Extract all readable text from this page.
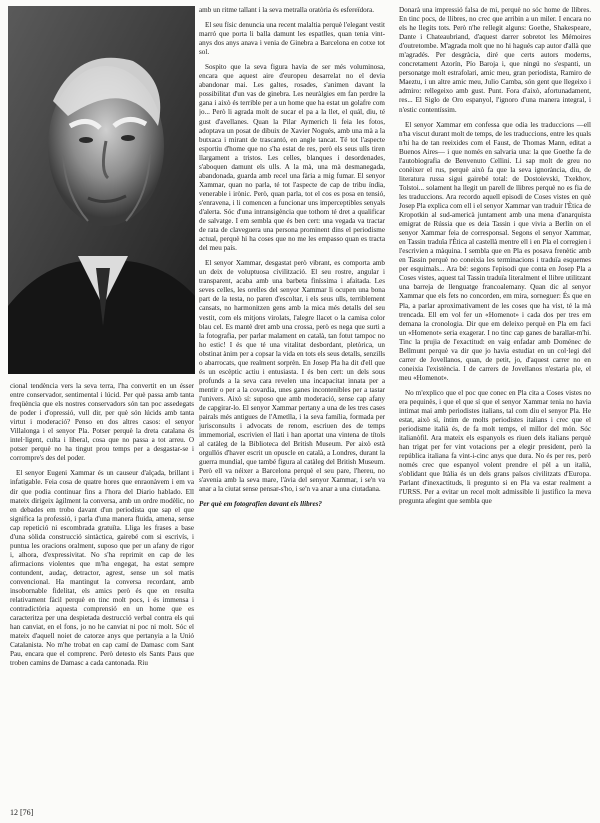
cional tendència vers la seva terra, l'ha convertit en un ésser entre conservador, sentimental i lúcid. Per què passa amb tanta freqüència que els nostres conservadors són tan poc assedegats de poder i d'opressió, vull dir, per què són lúcids amb tanta virtut i moderació? Penso en dos altres casos: el senyor Villalonga i el senyor Pla. Potser perquè la dreta catalana és intel·ligent, culta i liberal, cosa que no passa a tot arreu. O potser perquè no ha tingut prou temps per a desgastar-se i corrompre's des del poder.

El senyor Eugeni Xammar és un causeur d'alçada, brillant i infatigable. Feia cosa de quatre hores que enraonàvem i em va dir que podia continuar fins a l'hora del Diario hablado. Ell mateix dirigeix àgilment la conversa, amb un ordre modèlic, no en debades em trobo davant d'un periodista que sap el que significa la professió, i parla d'una manera fluida, amena, sense cap repetició ni escombrada gratuïta. Lliga les frases a base d'una sòlida construcció sintàctica, gairebé com si escrivís, i puntua les oracions oralment, suposo que per un afany de rigor i, alhora, d'expressivitat. No s'ha reprimit en cap de les afirmacions violentes que m'ha engegat, ha estat sempre contundent, audaç, detractor, agrest, sense un sol matís convencional. Ha mantingut la conversa recordant, amb insobornable fidelitat, els amics però és que en resulta relativament fàcil perquè en tinc molt pocs, i és immensa i contradictòria aquesta comprensió en un home que es caracteritza per una despietada destrucció verbal contra els qui han canviat, en el fons, jo no he canviat ni poc ni molt. Sóc el mateix d'aquell noiet de catorze anys que pertanyia a la Unió Catalanista. No m'he trobat en cap camí de Damasc com Sant Pau, encara que el comprenc. Però detesto els Sants Paus que troben camins de Damasc a cada cantonada. Riu

amb un ritme tallant i la seva metralla oratòria és esfereïdora.

El seu físic denuncia una recent malaltia perquè l'elegant vestit marró que porta li balla damunt les espatlles, quan tenia vint-anys dos anys anava i venia de Ginebra a Barcelona en cotxe tot sol.

Sospito que la seva figura havia de ser més voluminosa, encara que aquest aire d'europeu desarrelat no el devia abandonar mai. Les galtes, rosades, s'animen davant la possibilitat d'un vas de ginebra. Les neuràlgies em fan perdre la gana i això és terrible per a un home que ha estat un golafre com jo... Però li agrada molt de sucar el pa a la llet, el quál, diu, té gust d'avellanes. Quan la Pilar Aymerich li feia les fotos, adoptava un posat de dibuix de Xavier Nogués, amb una mà a la butxaca i mirant de trascantó, en angle tancat. Té tot l'aspecte esportiu d'home que no s'ha estat de res, però els seus ulls tiren llargament a tristos. Les celles, blanques i desordenades, s'aboquen damunt els ulls. A la mà, una mà desmanegada, abandonada, guarda amb recel una fària a mig fumar. El senyor Xammar, quan no parla, té tot l'aspecte de cap de tribu índia, venerable i irònic. Però, quan parla, tot el cos es posa en tensió, s'enravena, i li comencen a funcionar uns imperceptibles senyals d'alerta. Sóc d'una intransigència que tothom té dret a qualificar de salvatge. I em sembla que és ben cert: una vegada va tractar de rata de claveguera una persona prominent dins el periodisme actual, perquè hi ha coses que no me les empasso quan es tracta del meu país.

El senyor Xammar, desgastat però vibrant, es comporta amb un deix de voluptuosa civilització. El seu rostre, angular i transparent, acaba amb una barbeta finíssima i afaitada. Les seves celles, les orelles del senyor Xammar li ocupen una bona part de la testa, no paren d'escoltar, i els seus ulls, terriblement cansats, no harmonitzen gens amb la mica més detalls del seu vestit, com els mitjons virolats, l'alegre llacet o la camisa color blau cel. Es mantè dret amb una crossa, però es nega que surti a la fotografia, per parlar malament en català, tan fotut tampoc no ho estic! I és que té una vitalitat desbordant, pletòrica, un obstinat ànim per a copsar la vida en tots els seus detalls, senzills o abarrocats, que realment sorprèn. En Josep Pla ha dit d'ell que és un escèptic actiu i entusiasta. I és ben cert: un dels sous profunds a la seva cara revelen una incapacitat innata per a mentir o per a la covardia, unes ganes incontenibles per a tastar l'univers. Això sí: suposo que amb moderació, sense cap afany de capgirar-lo. El senyor Xammar pertany a una de les tres cases pairals més antigues de l'Ametlla, i la seva família, formada per jurisconsults i advocats de renom, escriuen des de temps immemorial, escrivien el llati i han aportat una vintena de títols al catàleg de la Biblioteca del British Museum. Per això està orgullós d'haver escrit un opuscle en català, a Londres, durant la guerra mundial, que també figura al catàleg del British Museum. Però ell va néixer a Barcelona perquè el seu pare, l'hereu, no s'avenia amb la seva mare, l'àvia del senyor Xammar, i se'n va anar a la ciutat sense pensar-s'ho, i se'n va anar a una ciutadana.

Per què em fotografien davant els llibres?

Donarà una impressió falsa de mi, perquè no sóc home de llibres. En tinc pocs, de llibres, no crec que arribin a un miler. I encara no els he llegits tots. Però n'he rellegit alguns: Goethe, Shakespeare, Dante i Chateaubriand, d'aquest darrer sobretot les Mémoires d'outretombe. M'agrada molt que no hi hagués cap autor d'allà que m'agradés. Per desgràcia, diré que certs autors moderns, concretament Azorín, Pío Baroja i, que ningú no s'espanti, un personatge molt estrafolari, amic meu, gran periodista, Ramiro de Maeztu, i un altre amic meu, Julio Camba, són gent que llegeixo i admiro: rellegeixo amb gust. Punt. Fora d'això, afortunadament, res... El Siglo de Oro espanyol, l'ignoro d'una manera integral, i n'estic contentíssim.

El senyor Xammar em confessa que odia les traduccions —ell n'ha viscut durant molt de temps, de les traduccions, entre les quals n'hi ha de tan reeixides com el Faust, de Thomas Mann, editat a Buenos Aires— i que només en salvaria una: la que Goethe fa de l'autobiografia de Benvenuto Cellini. Li sap molt de greu no conèixer el rus, perquè això fa que la seva ignorància, diu, de literatura russa sigui gairebé total: de Dostoievski, Txekhov, Tolstoi... solament ha llegit un parell de llibres perquè no es fia de les traduccions. Ara recordo aquell episodi de Coses vistes en què Josep Pla explica com ell i el senyor Xammar van traduir l'Ètica de Kropotkin al sud-americà juntament amb una mena d'anarquista emigrat de Rússia que es deia Tassin i que vivia a Berlín on el senyor Xammar feia de corresponsal. Segons el senyor Xammar, en Tassin traduïa l'Ètica al castellà mentre ell i en Pla el corregien i l'escrivien a màquina. I sembla que en Pla es posava frenètic amb en Tassin perquè no coneixia les terminacions i traduïa esquemes per esquimals... Ara bé: segons l'episodi que conta en Josep Pla a Coses vistes, aquest tal Tassin traduïa literalment el llibre utilitzant una barreja de llenguatge francoalemany. Quan dic al senyor Xammar que els fets no concorden, em mira, sorneguer: És que en Pla, a parlar aproximativament de les coses que ha vist, té la mà trencada. Ell em vol fer un «Homenot» i cada dos per tres em demana la cronologia. Dir que em deleixo perquè en Pla em faci un «Homenot» seria exagerar. I no tinc cap ganes de barallar-m'hi. Tinc la prujia de l'exactitud: en vaig enfadar amb Doménec de Bellmunt perquè va dir que jo havia estudiat en un col·legi del carrer de Jovellanos, quan, de petit, jo, d'aquest carrer no en coneixia l'existència. I de carrers de Jovellanos n'estaria ple, el meu «Homenot».

No m'explico que el poc que conec en Pla cita a Coses vistes no era pequinès, i que el que sí que el senyor Xammar tenia no havia intimat mai amb periodistes italians, tal com diu el senyor Pla. He estat, això sí, íntim de molts periodistes italians i crec que el periodisme italià és, de fa molt temps, el millor del món. Sóc italianòfil. Ara mateix els espanyols es riuen dels italians perquè han trigat per fer vint votacions per a elegir president, però la república italiana fa vint-i-cinc anys que dura. No és per res, però només crec que espanyol volent prendre el pèl a un italià, s'oblidant que Itàlia és un dels grans països civilitzats d'Europa. Parlant d'inexactituds, li pregunto si en Pla va estar realment a l'URSS. Per a evitar un recel molt admissible li justifico la meva pregunta afegint que sembla que

12 [76]
